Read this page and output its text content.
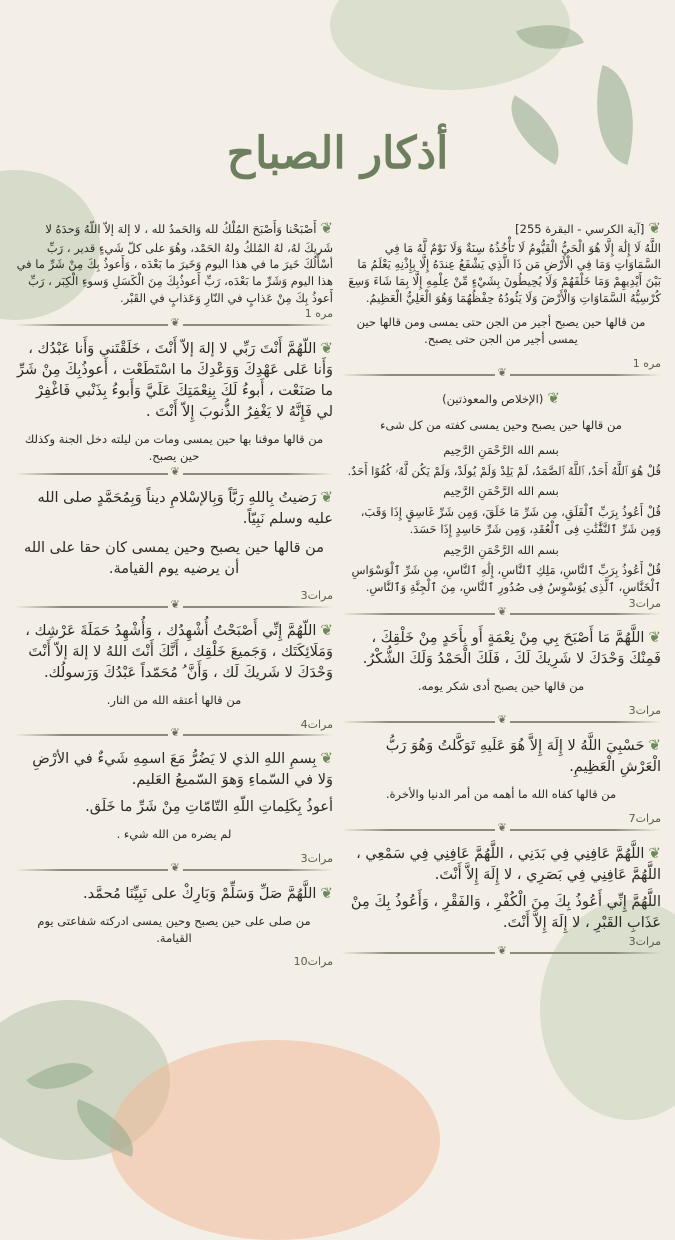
أذكار الصباح
❦[آية الكرسي - البقرة 255]
اللَّهُ لَا إِلَٰهَ إِلَّا هُوَ الْحَيُّ الْقَيُّومُ لَا تَأْخُذُهُ سِنَةٌ وَلَا نَوْمٌ لَّهُ مَا فِي السَّمَاوَاتِ وَمَا فِي الْأَرْضِ مَن ذَا الَّذِي يَشْفَعُ عِندَهُ إِلَّا بِإِذْنِهِ يَعْلَمُ مَا بَيْنَ أَيْدِيهِمْ وَمَا خَلْفَهُمْ وَلَا يُحِيطُونَ بِشَيْءٍ مِّنْ عِلْمِهِ إِلَّا بِمَا شَاءَ وَسِعَ كُرْسِيُّهُ السَّمَاوَاتِ وَالْأَرْضَ وَلَا يَئُودُهُ حِفْظُهُمَا وَهُوَ الْعَلِيُّ الْعَظِيمُ.
من قالها حين يصبح أجير من الجن حتى يمسى ومن قالها حين يمسى أجير من الجن حتى يصبح.
مره 1
❦
❦(الإخلاص والمعوذتين)
من قالها حين يصبح وحين يمسى كفته من كل شىء
بسم الله الرَّحْمَنِ الرَّحِيم
قُلْ هُوَ ٱللَّهُ أَحَدٌ، ٱللَّهُ ٱلصَّمَدُ، لَمْ يَلِدْ وَلَمْ يُولَدْ، وَلَمْ يَكُن لَّهُۥ كُفُوًا أَحَدٌ.
بسم الله الرَّحْمَنِ الرَّحِيم
قُلْ أَعُوذُ بِرَبِّ ٱلْفَلَقِ، مِن شَرِّ مَا خَلَقَ، وَمِن شَرِّ غَاسِقٍ إِذَا وَقَبَ، وَمِن شَرِّ ٱلنَّفَّٰثَٰتِ فِى ٱلْعُقَدِ، وَمِن شَرِّ حَاسِدٍ إِذَا حَسَدَ.
بسم الله الرَّحْمَنِ الرَّحِيم
قُلْ أَعُوذُ بِرَبِّ ٱلنَّاسِ، مَلِكِ ٱلنَّاسِ، إِلَٰهِ ٱلنَّاسِ، مِن شَرِّ ٱلْوَسْوَاسِ ٱلْخَنَّاسِ، ٱلَّذِى يُوَسْوِسُ فِى صُدُورِ ٱلنَّاسِ، مِنَ ٱلْجِنَّةِ وَٱلنَّاسِ.
مرات3
❦
❦اللَّهُمَّ مَا أَصْبَحَ بِي مِنْ نِعْمَةٍ أَو بِأَحَدٍ مِنْ خَلْقِكَ ، فَمِنْكَ وَحْدَكَ لا شَرِيكَ لَكَ ، فَلَكَ الْحَمْدُ وَلَكَ الشُّكْرُ.
من قالها حين يصبح أدى شكر يومه.
مرات3
❦
❦حَسْبِيَ اللَّهُ لا إِلَهَ إِلاَّ هُوَ عَلَيهِ تَوَكَّلتُ وَهُوَ رَبُّ الْعَرْشِ الْعَظِيمِ.
من قالها كفاه الله ما أهمه من أمر الدنيا والأخرة.
مرات7
❦
❦اللَّهُمَّ عَافِنِي فِي بَدَنِي ، اللَّهُمَّ عَافِنِي فِي سَمْعِي ، اللَّهُمَّ عَافِنِي فِي بَصَرِي ، لا إِلَهَ إِلاَّ أَنْتَ.
اللَّهُمَّ إِنِّي أَعُوذُ بِكَ مِنَ الْكُفْرِ ، وَالفَقْرِ ، وَأَعُوذُ بِكَ مِنْ عَذَابِ القَبْرِ ، لا إِلَهَ إِلاَّ أَنْتَ.
مرات3
❦
❦أَصْبَحْنا وَأَصْبَحَ المُلْكُ لله وَالحَمدُ لله ، لا إلهَ إلاّ اللّهُ وَحدَهُ لا شَريكَ لهُ، لهُ المُلكُ ولهُ الحَمْد، وهُوَ على كلّ شَيءٍ قدير ، رَبِّ أسْأَلُكَ خَيرَ ما في هذا اليوم وَخَيرَ ما بَعْدَه ، وَأَعوذُ بِكَ مِنْ شَرِّ ما في هذا اليوم وَشَرِّ ما بَعْدَه، رَبِّ أَعوذُبِكَ مِنَ الْكَسَلِ وَسوءِ الْكِبَر ، رَبِّ أَعوذُ بِكَ مِنْ عَذابٍ في النّارِ وَعَذابٍ في القَبْر.
مره 1
❦
❦اللّهُمَّ أَنْتَ رَبِّي لا إلهَ إلاّ أَنْتَ ، خَلَقْتَني وَأَنا عَبْدُك ، وَأَنا عَلى عَهْدِكَ وَوَعْدِكَ ما اسْتَطَعْت ، أَعوذُبِكَ مِنْ شَرِّ ما صَنَعْت ، أَبوءُ لَكَ بِنِعْمَتِكَ عَلَيَّ وَأَبوءُ بِذَنْبي فَاغْفِرْ لي فَإِنَّهُ لا يَغْفِرُ الذُّنوبَ إِلاّ أَنْتَ .
من قالها موقنا بها حين يمسى ومات من ليلته دخل الجنة وكذلك حين يصبح.
❦
❦رَضيتُ بِاللهِ رَبَّاً وَبِالإسْلامِ ديناً وَبِمُحَمَّدٍ صلى الله عليه وسلم نَبِيّاً.
من قالها حين يصبح وحين يمسى كان حقا على الله أن يرضيه يوم القيامة.
مرات3
❦
❦اللّهُمَّ إِنِّي أَصْبَحْتُ أُشْهِدُك ، وَأُشْهِدُ حَمَلَةَ عَرْشِك ، وَمَلَائِكَتَك ، وَجَميعَ خَلْقِك ، أَنَّكَ أَنْتَ اللهُ لا إلهَ إلاّ أَنْتَ وَحْدَكَ لا شَريكَ لَك ، وَأَنَّ ُ مُحَمّداً عَبْدُكَ وَرَسولُك.
من قالها أعتقه الله من النار.
مرات4
❦
❦بِسمِ اللهِ الذي لا يَضُرُّ مَعَ اسمِهِ شَيءٌ في الأرْضِ وَلا في السّماءِ وَهوَ السّميعُ العَليم.
أعوذُ بِكَلِماتِ اللّهِ التّامّاتِ مِنْ شَرِّ ما خَلَق.
لم يضره من الله شيء .
مرات3
❦
❦اللَّهُمَّ صَلِّ وَسَلِّمْ وَبَارِكْ على نَبِيِّنَا مُحمَّد.
من صلى على حين يصبح وحين يمسى ادركته شفاعتى يوم القيامة.
مرات10
